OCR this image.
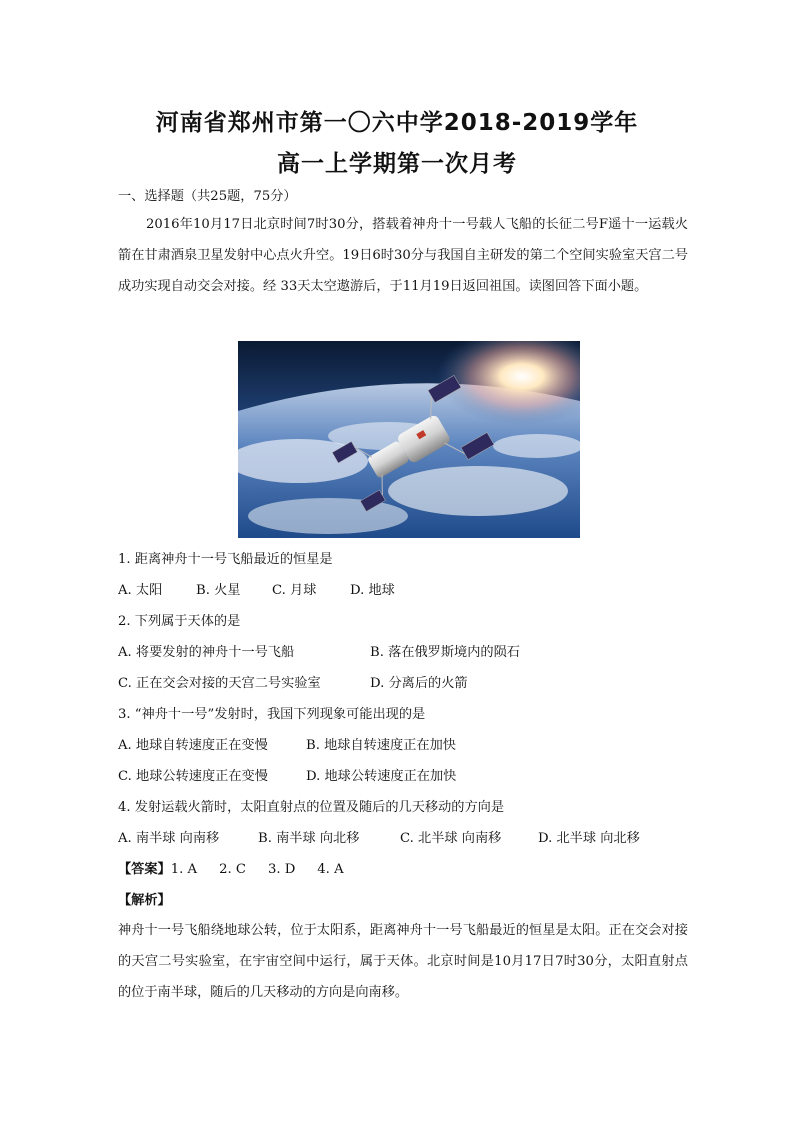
河南省郑州市第一〇六中学2018-2019学年
高一上学期第一次月考
一、选择题（共25题，75分）
2016年10月17日北京时间7时30分，搭载着神舟十一号载人飞船的长征二号F遥十一运载火箭在甘肃酒泉卫星发射中心点火升空。19日6时30分与我国自主研发的第二个空间实验室天宫二号成功实现自动交会对接。经 33天太空遨游后，于11月19日返回祖国。读图回答下面小题。
1. 距离神舟十一号飞船最近的恒星是
A. 太阳	B. 火星 C. 月球	D. 地球
2. 下列属于天体的是
A. 将要发射的神舟十一号飞船	B. 落在俄罗斯境内的陨石
C. 正在交会对接的天宫二号实验室	D. 分离后的火箭
3. “神舟十一号”发射时，我国下列现象可能出现的是
A. 地球自转速度正在变慢	B. 地球自转速度正在加快
C. 地球公转速度正在变慢	D. 地球公转速度正在加快
4. 发射运载火箭时，太阳直射点的位置及随后的几天移动的方向是
A. 南半球 向南移	B. 南半球 向北移	C. 北半球 向南移	D. 北半球 向北移
【答案】1. A 2. C 3. D 4. A
【解析】
神舟十一号飞船绕地球公转，位于太阳系，距离神舟十一号飞船最近的恒星是太阳。正在交会对接的天宫二号实验室，在宇宙空间中运行，属于天体。北京时间是10月17日7时30分，太阳直射点的位于南半球，随后的几天移动的方向是向南移。
